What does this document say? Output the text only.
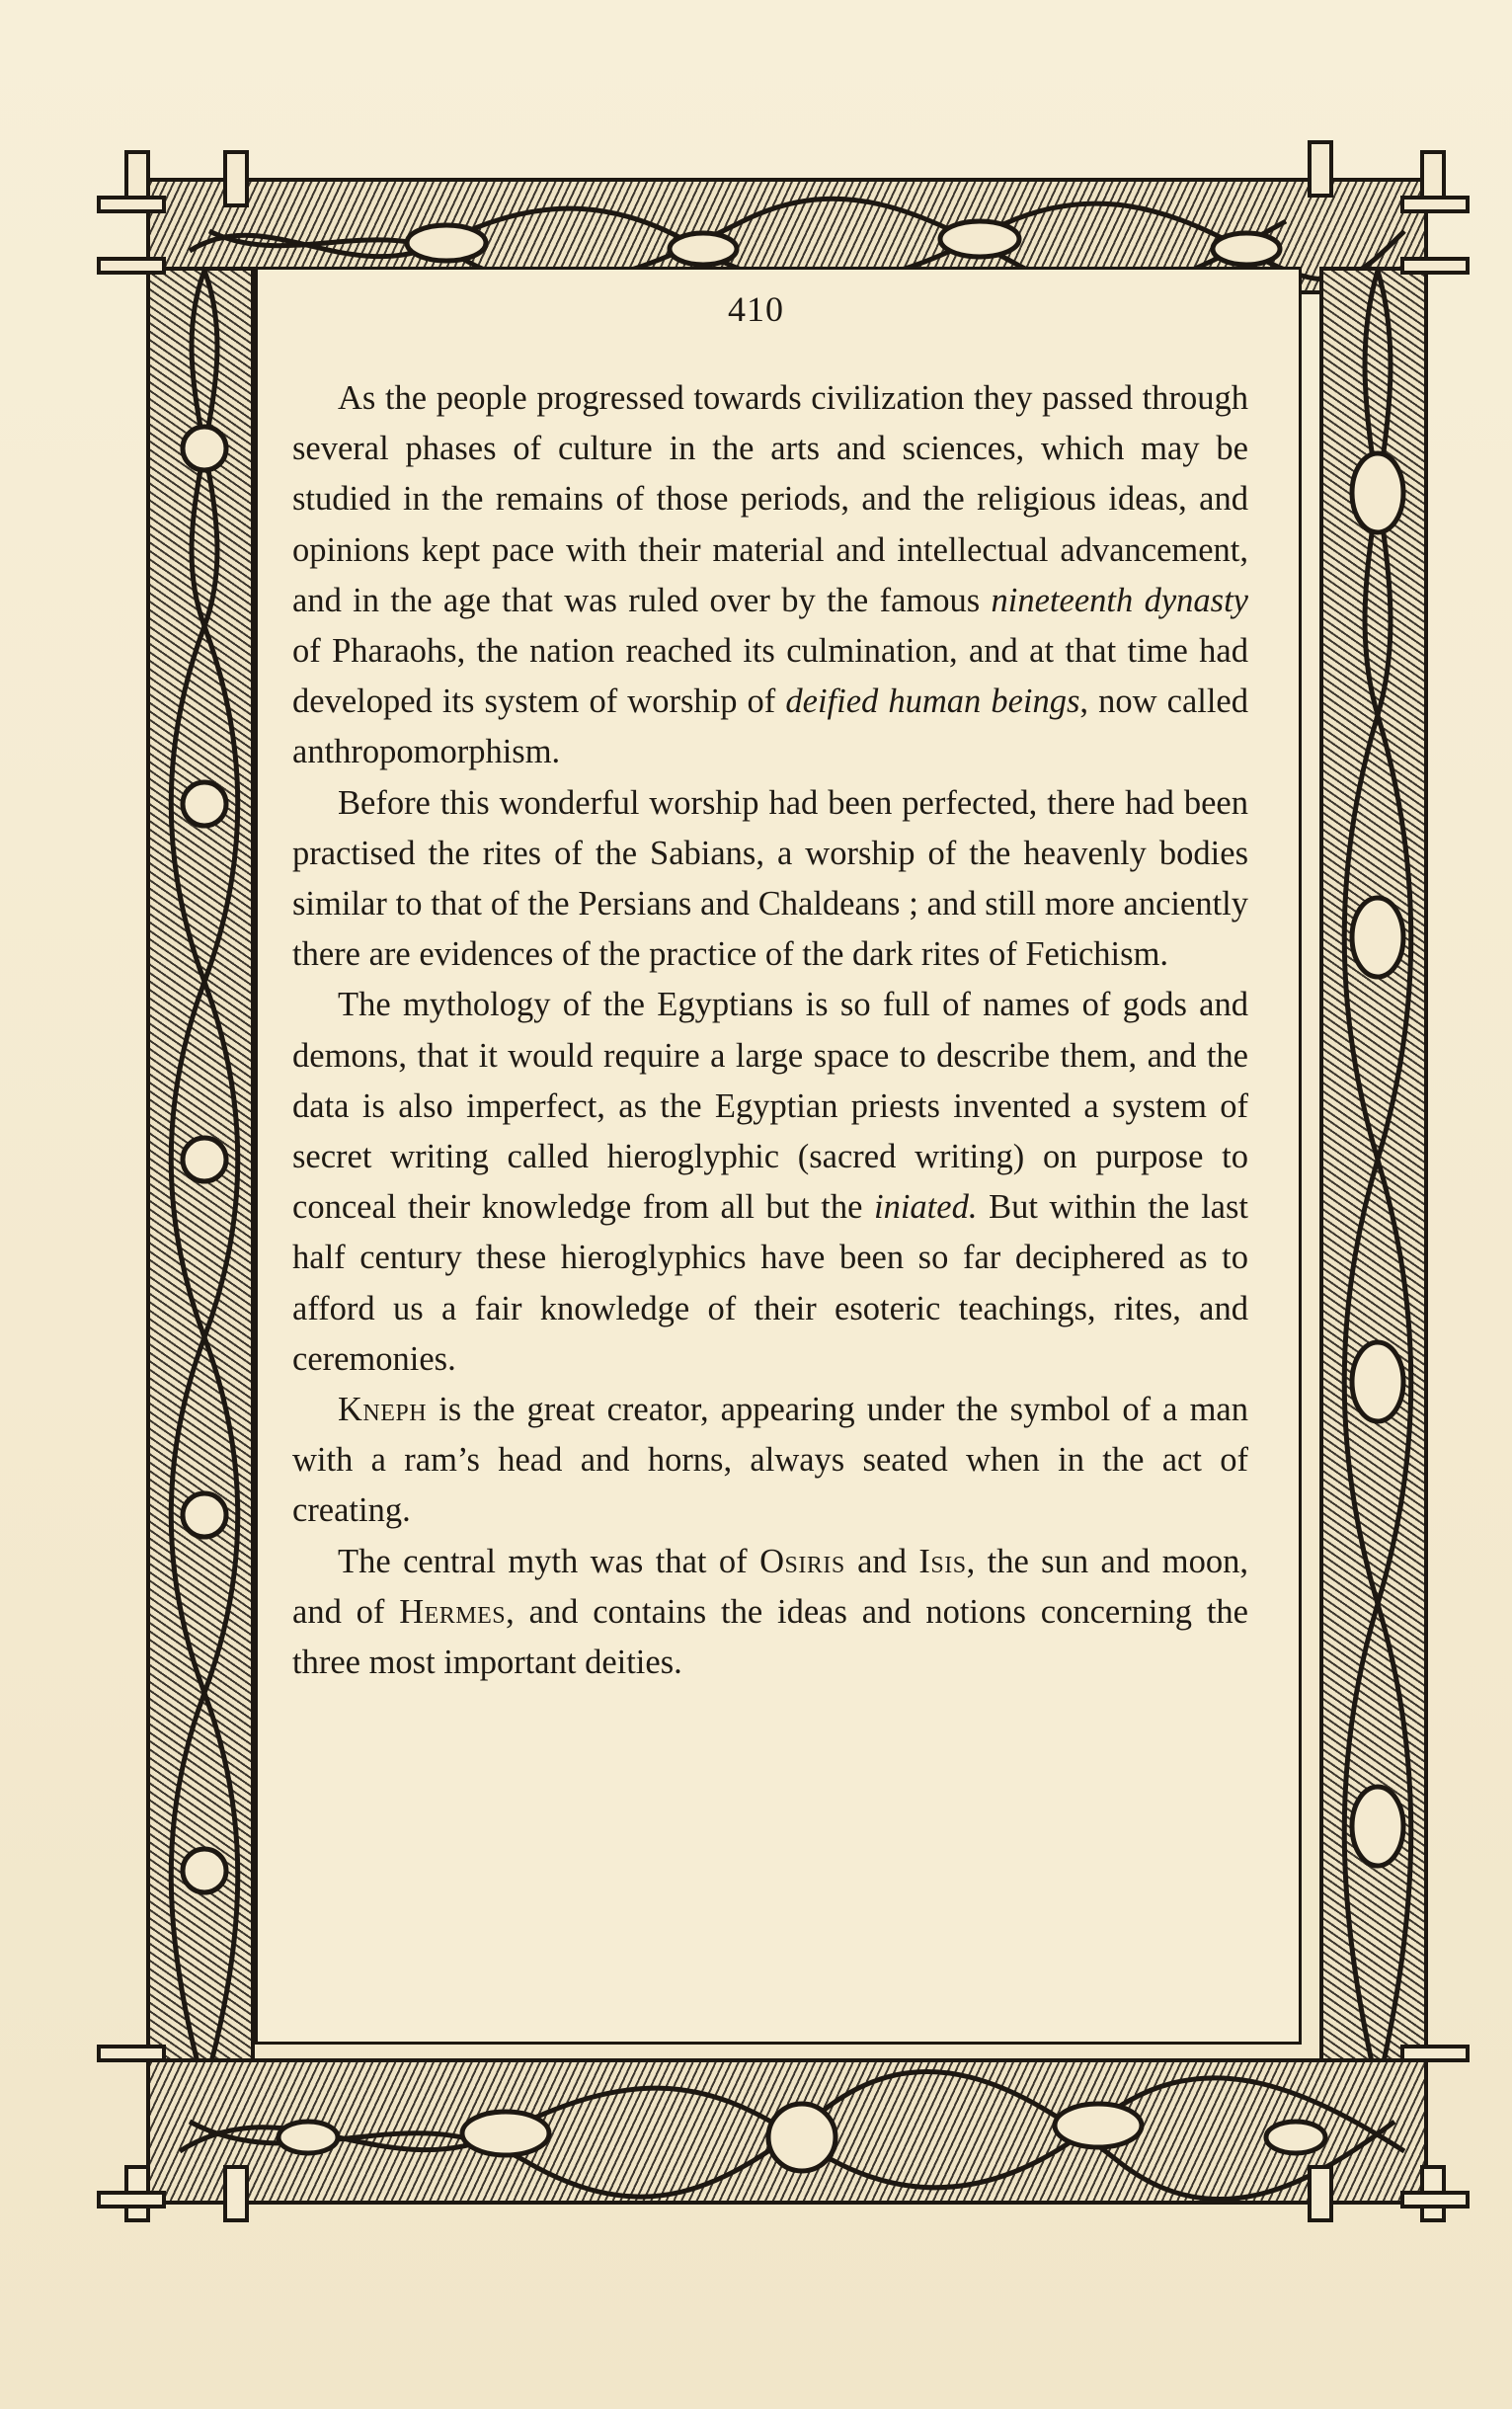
410

As the people progressed towards civilization they passed through several phases of culture in the arts and sciences, which may be studied in the remains of those periods, and the religious ideas, and opinions kept pace with their material and intellectual advancement, and in the age that was ruled over by the famous nineteenth dynasty of Pharaohs, the nation reached its culmination, and at that time had developed its system of worship of deified human beings, now called anthropomorphism.

Before this wonderful worship had been perfected, there had been practised the rites of the Sabians, a worship of the heavenly bodies similar to that of the Persians and Chaldeans ; and still more anciently there are evidences of the practice of the dark rites of Fetichism.

The mythology of the Egyptians is so full of names of gods and demons, that it would require a large space to describe them, and the data is also imperfect, as the Egyptian priests invented a system of secret writing called hieroglyphic (sacred writing) on purpose to conceal their knowledge from all but the iniated. But within the last half century these hieroglyphics have been so far deciphered as to afford us a fair knowledge of their esoteric teachings, rites, and ceremonies.

Kneph is the great creator, appearing under the symbol of a man with a ram’s head and horns, always seated when in the act of creating.

The central myth was that of Osiris and Isis, the sun and moon, and of Hermes, and contains the ideas and notions concerning the three most important deities.
